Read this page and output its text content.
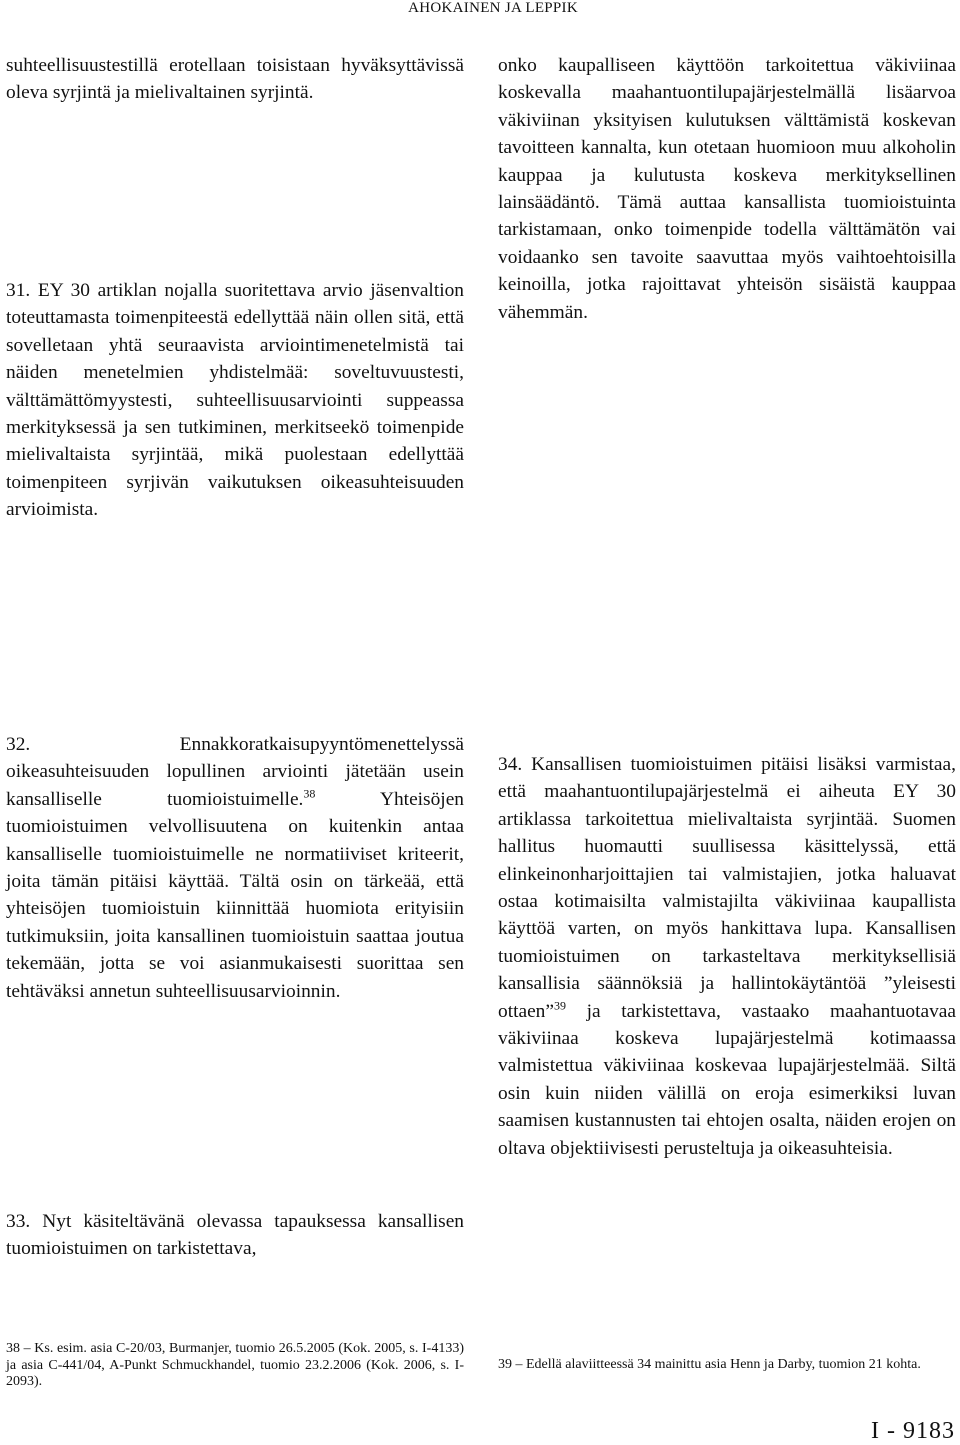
AHOKAINEN JA LEPPIK

suhteellisuustestillä erotellaan toisistaan hyväksyttävissä oleva syrjintä ja mielivaltainen syrjintä.

31. EY 30 artiklan nojalla suoritettava arvio jäsenvaltion toteuttamasta toimenpiteestä edellyttää näin ollen sitä, että sovelletaan yhtä seuraavista arviointimenetelmistä tai näiden menetelmien yhdistelmää: soveltuvuustesti, välttämättömyystesti, suhteellisuusarviointi suppeassa merkityksessä ja sen tutkiminen, merkitseekö toimenpide mielivaltaista syrjintää, mikä puolestaan edellyttää toimenpiteen syrjivän vaikutuksen oikeasuhteisuuden arvioimista.

32. Ennakkoratkaisupyyntömenettelyssä oikeasuhteisuuden lopullinen arviointi jätetään usein kansalliselle tuomioistuimelle.$^{38}$ Yhteisöjen tuomioistuimen velvollisuutena on kuitenkin antaa kansalliselle tuomioistuimelle ne normatiiviset kriteerit, joita tämän pitäisi käyttää. Tältä osin on tärkeää, että yhteisöjen tuomioistuin kiinnittää huomiota erityisiin tutkimuksiin, joita kansallinen tuomioistuin saattaa joutua tekemään, jotta se voi asianmukaisesti suorittaa sen tehtäväksi annetun suhteellisuusarvioinnin.

33. Nyt käsiteltävänä olevassa tapauksessa kansallisen tuomioistuimen on tarkistettava,

onko kaupalliseen käyttöön tarkoitettua väkiviinaa koskevalla maahantuontilupajärjestelmällä lisäarvoa väkiviinan yksityisen kulutuksen välttämistä koskevan tavoitteen kannalta, kun otetaan huomioon muu alkoholin kauppaa ja kulutusta koskeva merkityksellinen lainsäädäntö. Tämä auttaa kansallista tuomioistuinta tarkistamaan, onko toimenpide todella välttämätön vai voidaanko sen tavoite saavuttaa myös vaihtoehtoisilla keinoilla, jotka rajoittavat yhteisön sisäistä kauppaa vähemmän.

34. Kansallisen tuomioistuimen pitäisi lisäksi varmistaa, että maahantuontilupajärjestelmä ei aiheuta EY 30 artiklassa tarkoitettua mielivaltaista syrjintää. Suomen hallitus huomautti suullisessa käsittelyssä, että elinkeinonharjoittajien tai valmistajien, jotka haluavat ostaa kotimaisilta valmistajilta väkiviinaa kaupallista käyttöä varten, on myös hankittava lupa. Kansallisen tuomioistuimen on tarkasteltava merkityksellisiä kansallisia säännöksiä ja hallintokäytäntöä ”yleisesti ottaen”$^{39}$ ja tarkistettava, vastaako maahantuotavaa väkiviinaa koskeva lupajärjestelmä kotimaassa valmistettua väkiviinaa koskevaa lupajärjestelmää. Siltä osin kuin niiden välillä on eroja esimerkiksi luvan saamisen kustannusten tai ehtojen osalta, näiden erojen on oltava objektiivisesti perusteltuja ja oikeasuhteisia.

38 – Ks. esim. asia C-20/03, Burmanjer, tuomio 26.5.2005 (Kok. 2005, s. I-4133) ja asia C-441/04, A-Punkt Schmuckhandel, tuomio 23.2.2006 (Kok. 2006, s. I-2093).

39 – Edellä alaviitteessä 34 mainittu asia Henn ja Darby, tuomion 21 kohta.

I - 9183
